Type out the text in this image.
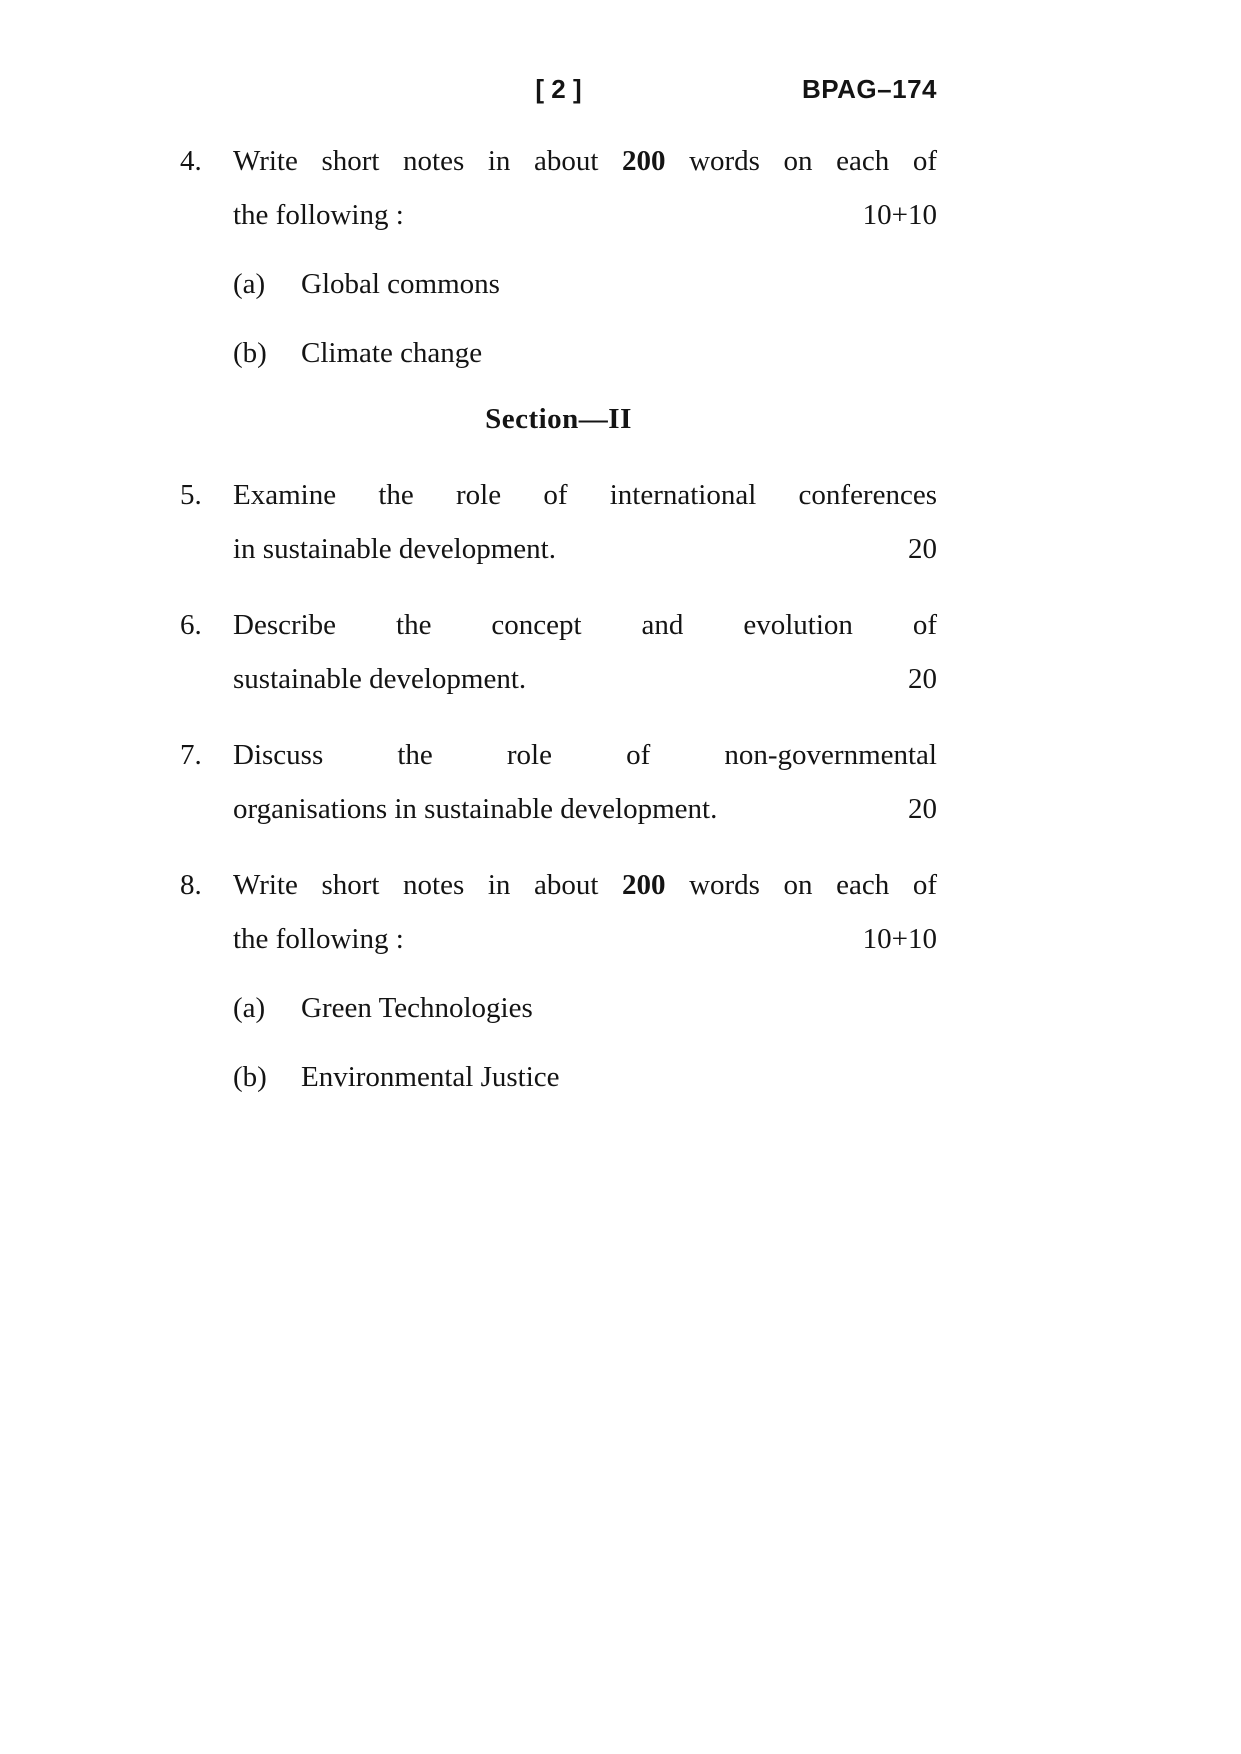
[ 2 ]	BPAG–174
4.	Write short notes in about 200 words on each of
the following :	10+10
(a)	Global commons
(b)	Climate change
Section—II
5.	Examine the role of international conferences
in sustainable development.	20
6.	Describe the concept and evolution of
sustainable development.	20
7.	Discuss the role of non-governmental
organisations in sustainable development.	20
8.	Write short notes in about 200 words on each of
the following :	10+10
(a)	Green Technologies
(b)	Environmental Justice
